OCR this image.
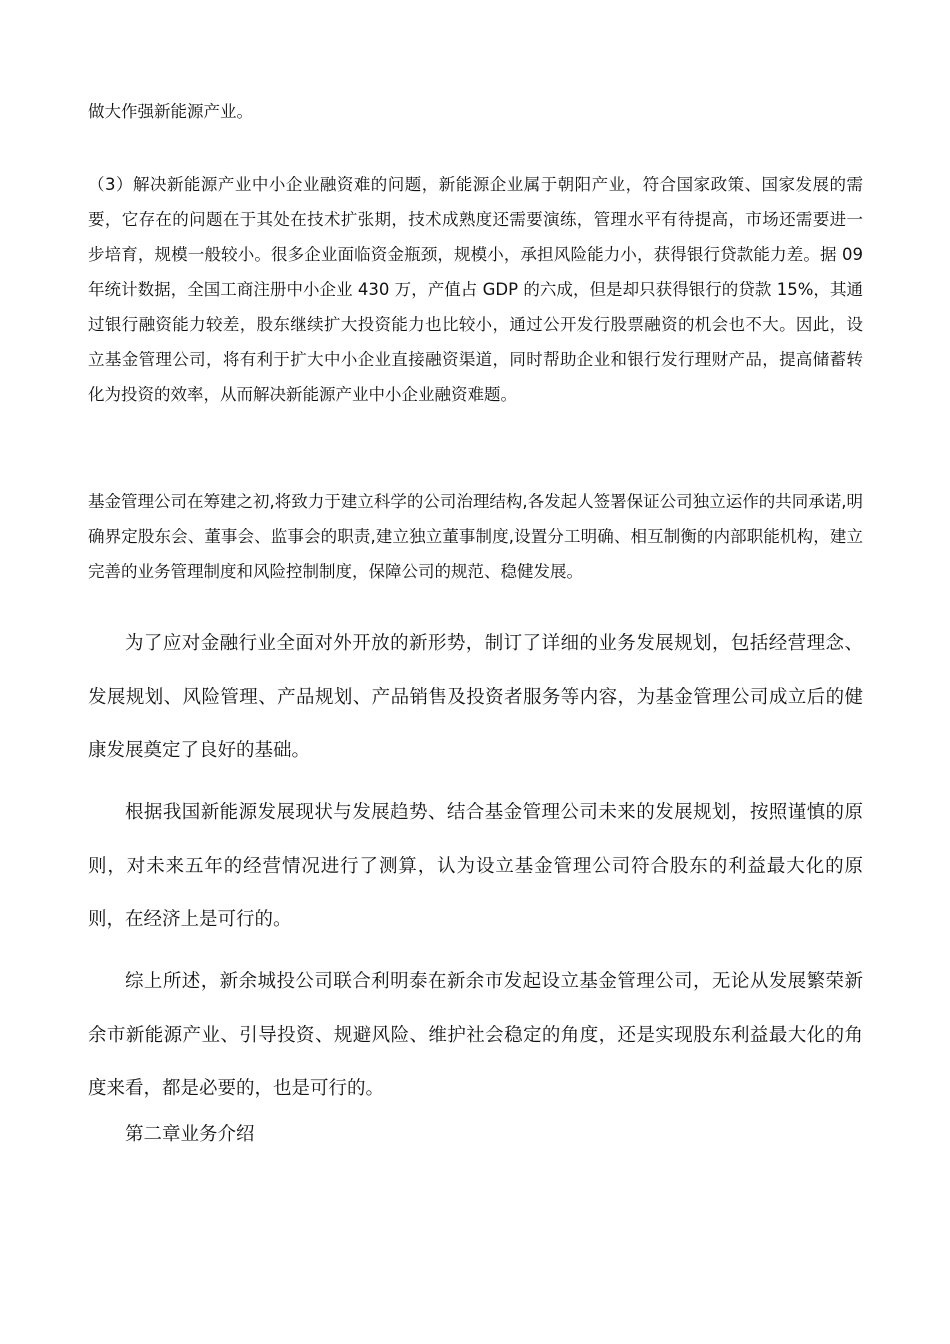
做大作强新能源产业。

（3）解决新能源产业中小企业融资难的问题，新能源企业属于朝阳产业，符合国家政策、国家发展的需要，它存在的问题在于其处在技术扩张期，技术成熟度还需要演练，管理水平有待提高，市场还需要进一步培育，规模一般较小。很多企业面临资金瓶颈，规模小，承担风险能力小，获得银行贷款能力差。据 09 年统计数据，全国工商注册中小企业 430 万，产值占 GDP 的六成，但是却只获得银行的贷款 15%，其通过银行融资能力较差，股东继续扩大投资能力也比较小，通过公开发行股票融资的机会也不大。因此，设立基金管理公司，将有利于扩大中小企业直接融资渠道，同时帮助企业和银行发行理财产品，提高储蓄转化为投资的效率，从而解决新能源产业中小企业融资难题。

基金管理公司在筹建之初,将致力于建立科学的公司治理结构,各发起人签署保证公司独立运作的共同承诺,明确界定股东会、董事会、监事会的职责,建立独立董事制度,设置分工明确、相互制衡的内部职能机构，建立完善的业务管理制度和风险控制制度，保障公司的规范、稳健发展。

为了应对金融行业全面对外开放的新形势，制订了详细的业务发展规划，包括经营理念、发展规划、风险管理、产品规划、产品销售及投资者服务等内容，为基金管理公司成立后的健康发展奠定了良好的基础。

根据我国新能源发展现状与发展趋势、结合基金管理公司未来的发展规划，按照谨慎的原则，对未来五年的经营情况进行了测算，认为设立基金管理公司符合股东的利益最大化的原则，在经济上是可行的。

综上所述，新余城投公司联合利明泰在新余市发起设立基金管理公司，无论从发展繁荣新余市新能源产业、引导投资、规避风险、维护社会稳定的角度，还是实现股东利益最大化的角度来看，都是必要的，也是可行的。

第二章业务介绍
